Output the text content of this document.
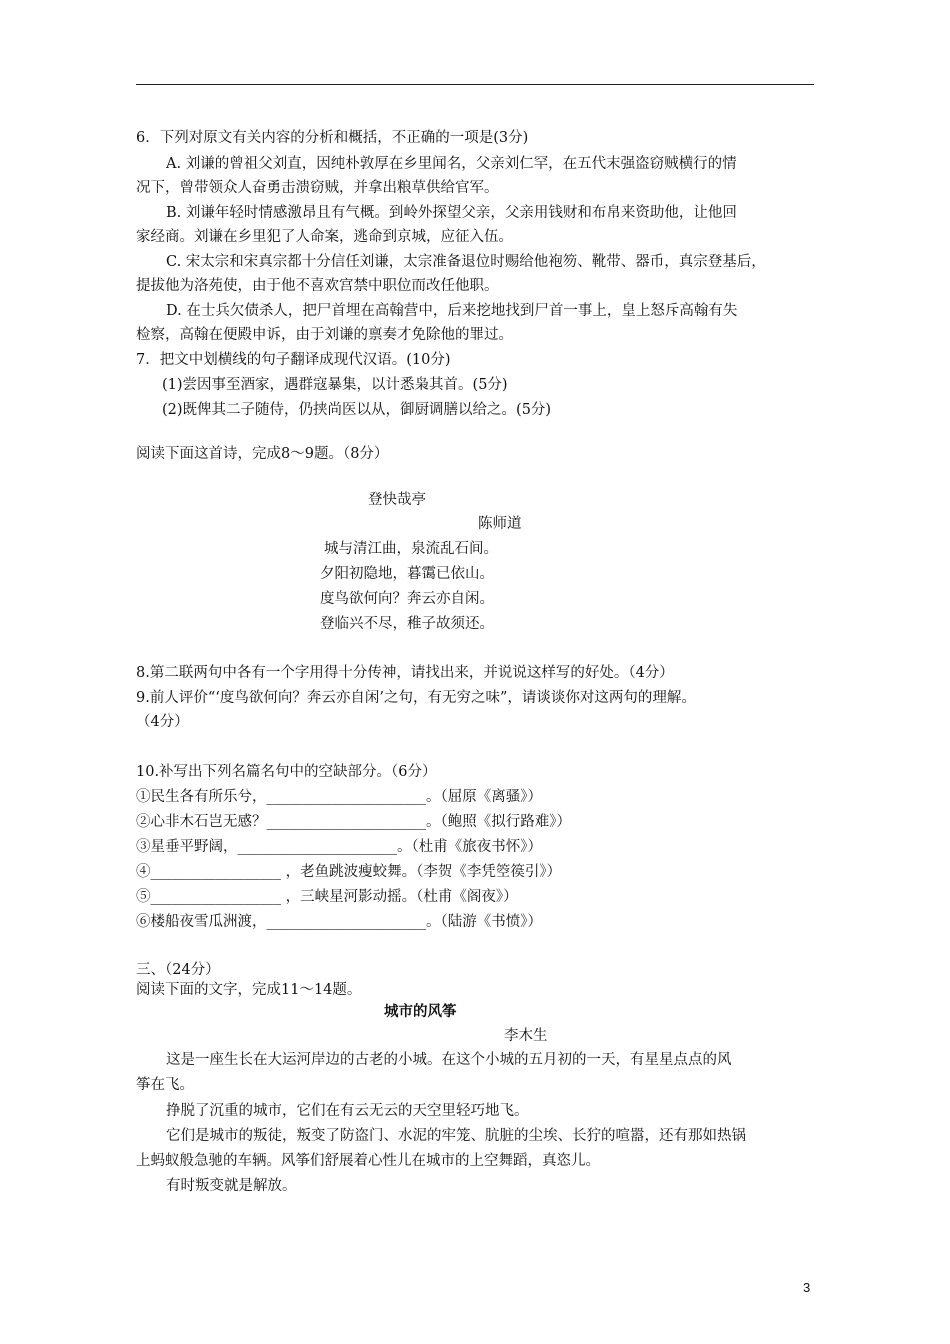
6．下列对原文有关内容的分析和概括，不正确的一项是(3分)
A. 刘谦的曾祖父刘直，因纯朴敦厚在乡里闻名，父亲刘仁罕，在五代末强盗窃贼横行的情
况下，曾带领众人奋勇击溃窃贼，并拿出粮草供给官军。
B. 刘谦年轻时情感激昂且有气概。到岭外探望父亲，父亲用钱财和布帛来资助他，让他回
家经商。刘谦在乡里犯了人命案，逃命到京城，应征入伍。
C. 宋太宗和宋真宗都十分信任刘谦，太宗准备退位时赐给他袍笏、靴带、器币，真宗登基后，
提拔他为洛苑使，由于他不喜欢宫禁中职位而改任他职。
D. 在士兵欠债杀人，把尸首埋在高翰营中，后来挖地找到尸首一事上，皇上怒斥高翰有失
检察，高翰在便殿申诉，由于刘谦的禀奏才免除他的罪过。
7．把文中划横线的句子翻译成现代汉语。(10分)
(1)尝因事至酒家，遇群寇暴集，以计悉枭其首。(5分)
(2)既俾其二子随侍，仍挟尚医以从，御厨调膳以给之。(5分)
阅读下面这首诗，完成8～9题。（8分）
登快哉亭
陈师道
城与清江曲，泉流乱石间。
夕阳初隐地，暮霭已依山。
度鸟欲何向？奔云亦自闲。
登临兴不尽，稚子故须还。
8.第二联两句中各有一个字用得十分传神，请找出来，并说说这样写的好处。（4分）
9.前人评价“‘度鸟欲何向？奔云亦自闲’之句，有无穷之味”，请谈谈你对这两句的理解。
（4分）
10.补写出下列名篇名句中的空缺部分。（6分）
①民生各有所乐兮，______________________。（屈原《离骚》）
②心非木石岂无感？______________________。（鲍照《拟行路难》）
③星垂平野阔，______________________。（杜甫《旅夜书怀》）
④__________________ ，老鱼跳波瘦蛟舞。（李贺《李凭箜篌引》）
⑤__________________ ，三峡星河影动摇。（杜甫《阁夜》）
⑥楼船夜雪瓜洲渡，______________________。（陆游《书愤》）
三、（24分）
阅读下面的文字，完成11～14题。
城市的风筝
李木生
这是一座生长在大运河岸边的古老的小城。在这个小城的五月初的一天，有星星点点的风
筝在飞。
挣脱了沉重的城市，它们在有云无云的天空里轻巧地飞。
它们是城市的叛徒，叛变了防盗门、水泥的牢笼、肮脏的尘埃、长狞的喧嚣，还有那如热锅
上蚂蚁般急驰的车辆。风筝们舒展着心性儿在城市的上空舞蹈，真恣儿。
有时叛变就是解放。
3
